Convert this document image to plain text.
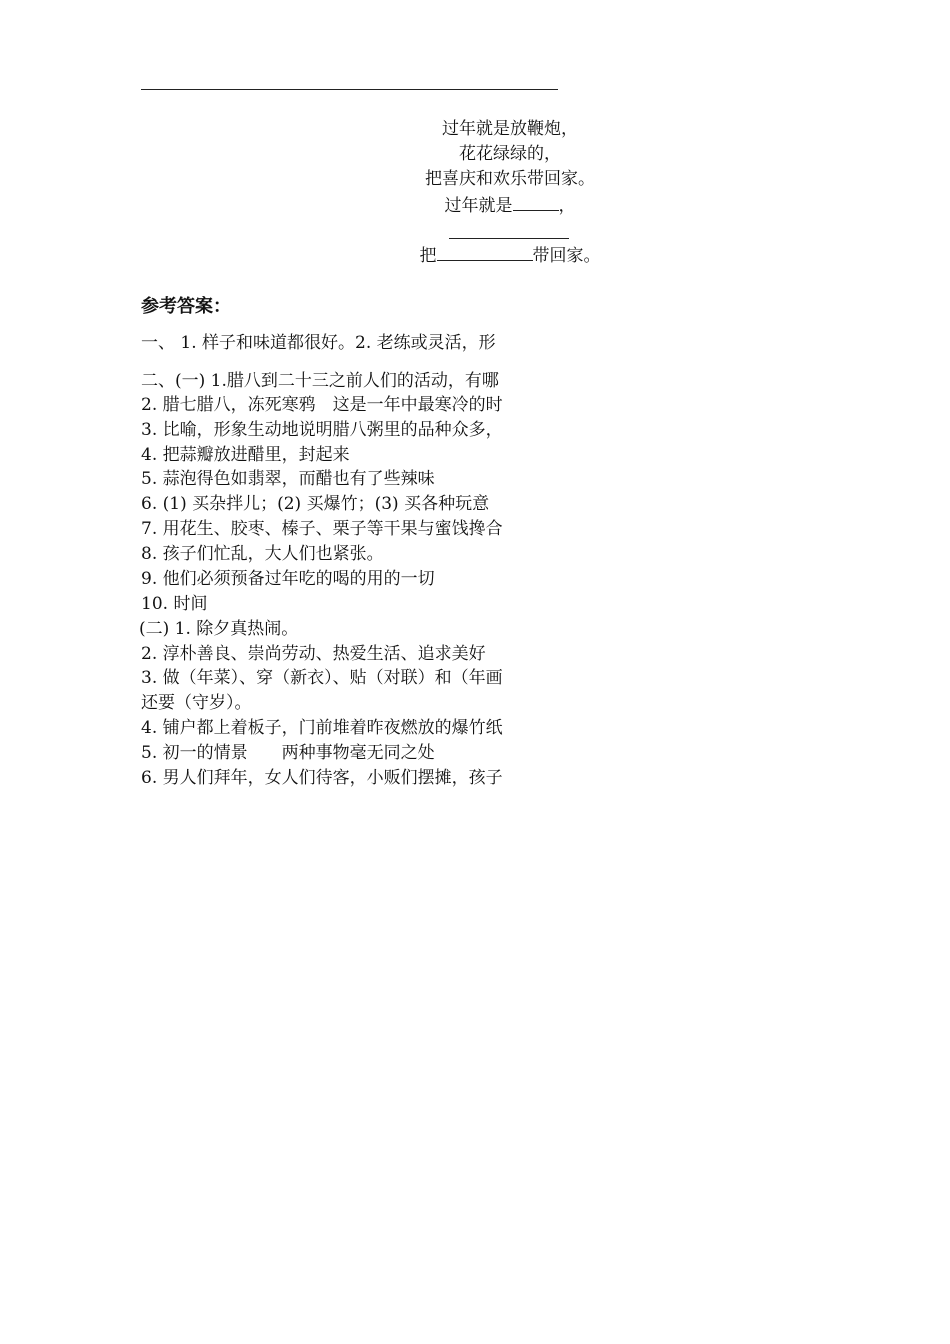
过年就是放鞭炮，
花花绿绿的，
把喜庆和欢乐带回家。
过年就是	，
把	带回家。
参考答案：
一、 1. 样子和味道都很好。2. 老练或灵活，形
二、(一) 1.腊八到二十三之前人们的活动，有哪
2. 腊七腊八，冻死寒鸦　这是一年中最寒冷的时
3. 比喻，形象生动地说明腊八粥里的品种众多，
4. 把蒜瓣放进醋里，封起来
5. 蒜泡得色如翡翠，而醋也有了些辣味
6. (1) 买杂拌儿；(2) 买爆竹；(3) 买各种玩意
7. 用花生、胶枣、榛子、栗子等干果与蜜饯搀合
8. 孩子们忙乱，大人们也紧张。
9. 他们必须预备过年吃的喝的用的一切
10. 时间
(二) 1. 除夕真热闹。
2. 淳朴善良、崇尚劳动、热爱生活、追求美好
3. 做（年菜）、穿（新衣）、贴（对联）和（年画
还要（守岁）。
4. 铺户都上着板子，门前堆着昨夜燃放的爆竹纸
5. 初一的情景　　两种事物毫无同之处
6. 男人们拜年，女人们待客，小贩们摆摊，孩子
